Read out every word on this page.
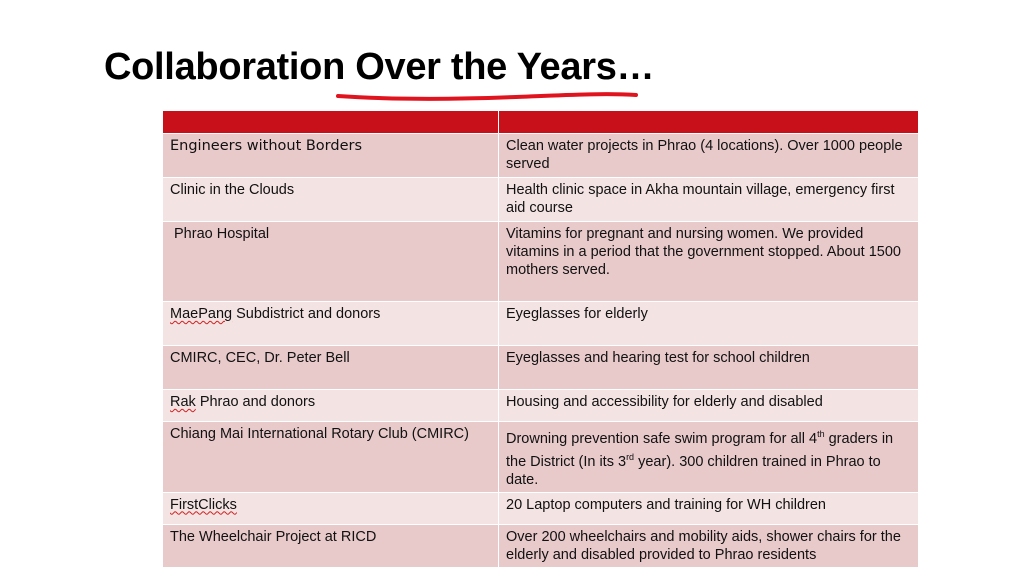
Collaboration Over the Years…

Engineers without Borders	Clean water projects in Phrao (4 locations). Over 1000 people served
Clinic in the Clouds	Health clinic space in Akha mountain village, emergency first aid course
Phrao Hospital	Vitamins for pregnant and nursing women. We provided vitamins in a period that the government stopped. About 1500 mothers served.
MaePang Subdistrict and donors	Eyeglasses for elderly
CMIRC, CEC, Dr. Peter Bell	Eyeglasses and hearing test for school children
Rak Phrao and donors	Housing and accessibility for elderly and disabled
Chiang Mai International Rotary Club (CMIRC)	Drowning prevention safe swim program for all 4th graders in the District (In its 3rd year). 300 children trained in Phrao to date.
FirstClicks	20 Laptop computers and training for WH children
The Wheelchair Project at RICD	Over 200 wheelchairs and mobility aids, shower chairs for the elderly and disabled provided to Phrao residents
